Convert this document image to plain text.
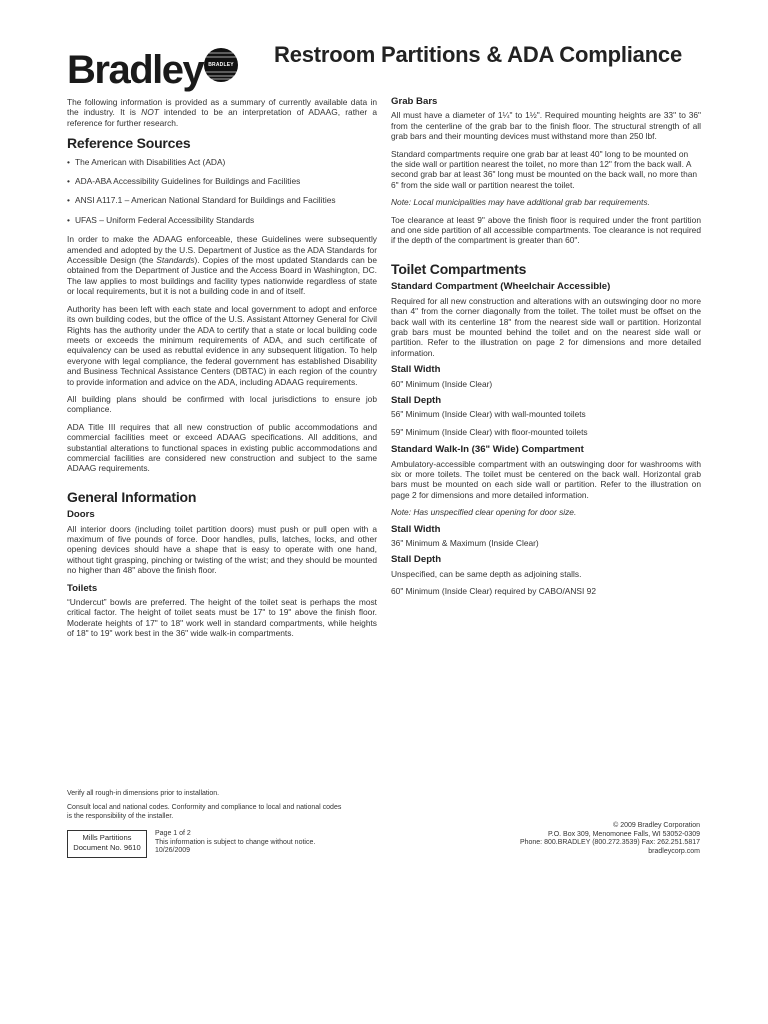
Bradley BRADLEY Restroom Partitions & ADA Compliance

The following information is provided as a summary of currently available data in the industry. It is NOT intended to be an interpretation of ADAAG, rather a reference for further research.

Reference Sources
• The American with Disabilities Act (ADA)
• ADA-ABA Accessibility Guidelines for Buildings and Facilities
• ANSI A117.1 – American National Standard for Buildings and Facilities
• UFAS – Uniform Federal Accessibility Standards

In order to make the ADAAG enforceable, these Guidelines were subsequently amended and adopted by the U.S. Department of Justice as the ADA Standards for Accessible Design (the Standards). Copies of the most updated Standards can be obtained from the Department of Justice and the Access Board in Washington, DC. The law applies to most buildings and facility types nationwide regardless of state or local requirements, but it is not a building code in and of itself.

Authority has been left with each state and local government to adopt and enforce its own building codes, but the office of the U.S. Assistant Attorney General for Civil Rights has the authority under the ADA to certify that a state or local building code meets or exceeds the minimum requirements of ADA, and such certificate of equivalency can be used as rebuttal evidence in any subsequent litigation. To help everyone with legal compliance, the federal government has established Disability and Business Technical Assistance Centers (DBTAC) in each region of the country to provide information and advice on the ADA, including ADAAG requirements.

All building plans should be confirmed with local jurisdictions to ensure job compliance.

ADA Title III requires that all new construction of public accommodations and commercial facilities meet or exceed ADAAG specifications. All additions, and substantial alterations to functional spaces in existing public accommodations and commercial facilities are considered new construction and subject to the same ADAAG requirements.

General Information
Doors

All interior doors (including toilet partition doors) must push or pull open with a maximum of five pounds of force. Door handles, pulls, latches, locks, and other opening devices should have a shape that is easy to operate with one hand, without tight grasping, pinching or twisting of the wrist; and they should be mounted no higher than 48" above the finish floor.

Toilets

“Undercut” bowls are preferred. The height of the toilet seat is perhaps the most critical factor. The height of toilet seats must be 17" to 19" above the finish floor. Moderate heights of 17" to 18" work well in standard compartments, while heights of 18" to 19" work best in the 36" wide walk-in compartments.

Grab Bars

All must have a diameter of 1¼" to 1½". Required mounting heights are 33" to 36" from the centerline of the grab bar to the finish floor. The structural strength of all grab bars and their mounting devices must withstand more than 250 lbf.

Standard compartments require one grab bar at least 40" long to be mounted on the side wall or partition nearest the toilet, no more than 12" from the back wall. A second grab bar at least 36" long must be mounted on the back wall, no more than 6" from the side wall or partition nearest the toilet.

Note: Local municipalities may have additional grab bar requirements.

Toe clearance at least 9" above the finish floor is required under the front partition and one side partition of all accessible compartments. Toe clearance is not required if the depth of the compartment is greater than 60".

Toilet Compartments
Standard Compartment (Wheelchair Accessible)

Required for all new construction and alterations with an outswinging door no more than 4" from the corner diagonally from the toilet. The toilet must be offset on the back wall with its centerline 18" from the nearest side wall or partition. Horizontal grab bars must be mounted behind the toilet and on the nearest side wall or partition. Refer to the illustration on page 2 for dimensions and more detailed information.

Stall Width
60" Minimum (Inside Clear)
Stall Depth
56" Minimum (Inside Clear) with wall-mounted toilets
59" Minimum (Inside Clear) with floor-mounted toilets
Standard Walk-In (36" Wide) Compartment

Ambulatory-accessible compartment with an outswinging door for washrooms with six or more toilets. The toilet must be centered on the back wall. Horizontal grab bars must be mounted on each side wall or partition. Refer to the illustration on page 2 for dimensions and more detailed information.

Note: Has unspecified clear opening for door size.

Stall Width
36" Minimum & Maximum (Inside Clear)
Stall Depth
Unspecified, can be same depth as adjoining stalls.
60" Minimum (Inside Clear) required by CABO/ANSI 92
Verify all rough-in dimensions prior to installation.
Consult local and national codes. Conformity and compliance to local and national codes
is the responsibility of the installer.
Mills Partitions
Document No. 9610
Page 1 of 2
This information is subject to change without notice.
10/26/2009
© 2009 Bradley Corporation
P.O. Box 309, Menomonee Falls, WI 53052-0309
Phone: 800.BRADLEY (800.272.3539) Fax: 262.251.5817
bradleycorp.com
